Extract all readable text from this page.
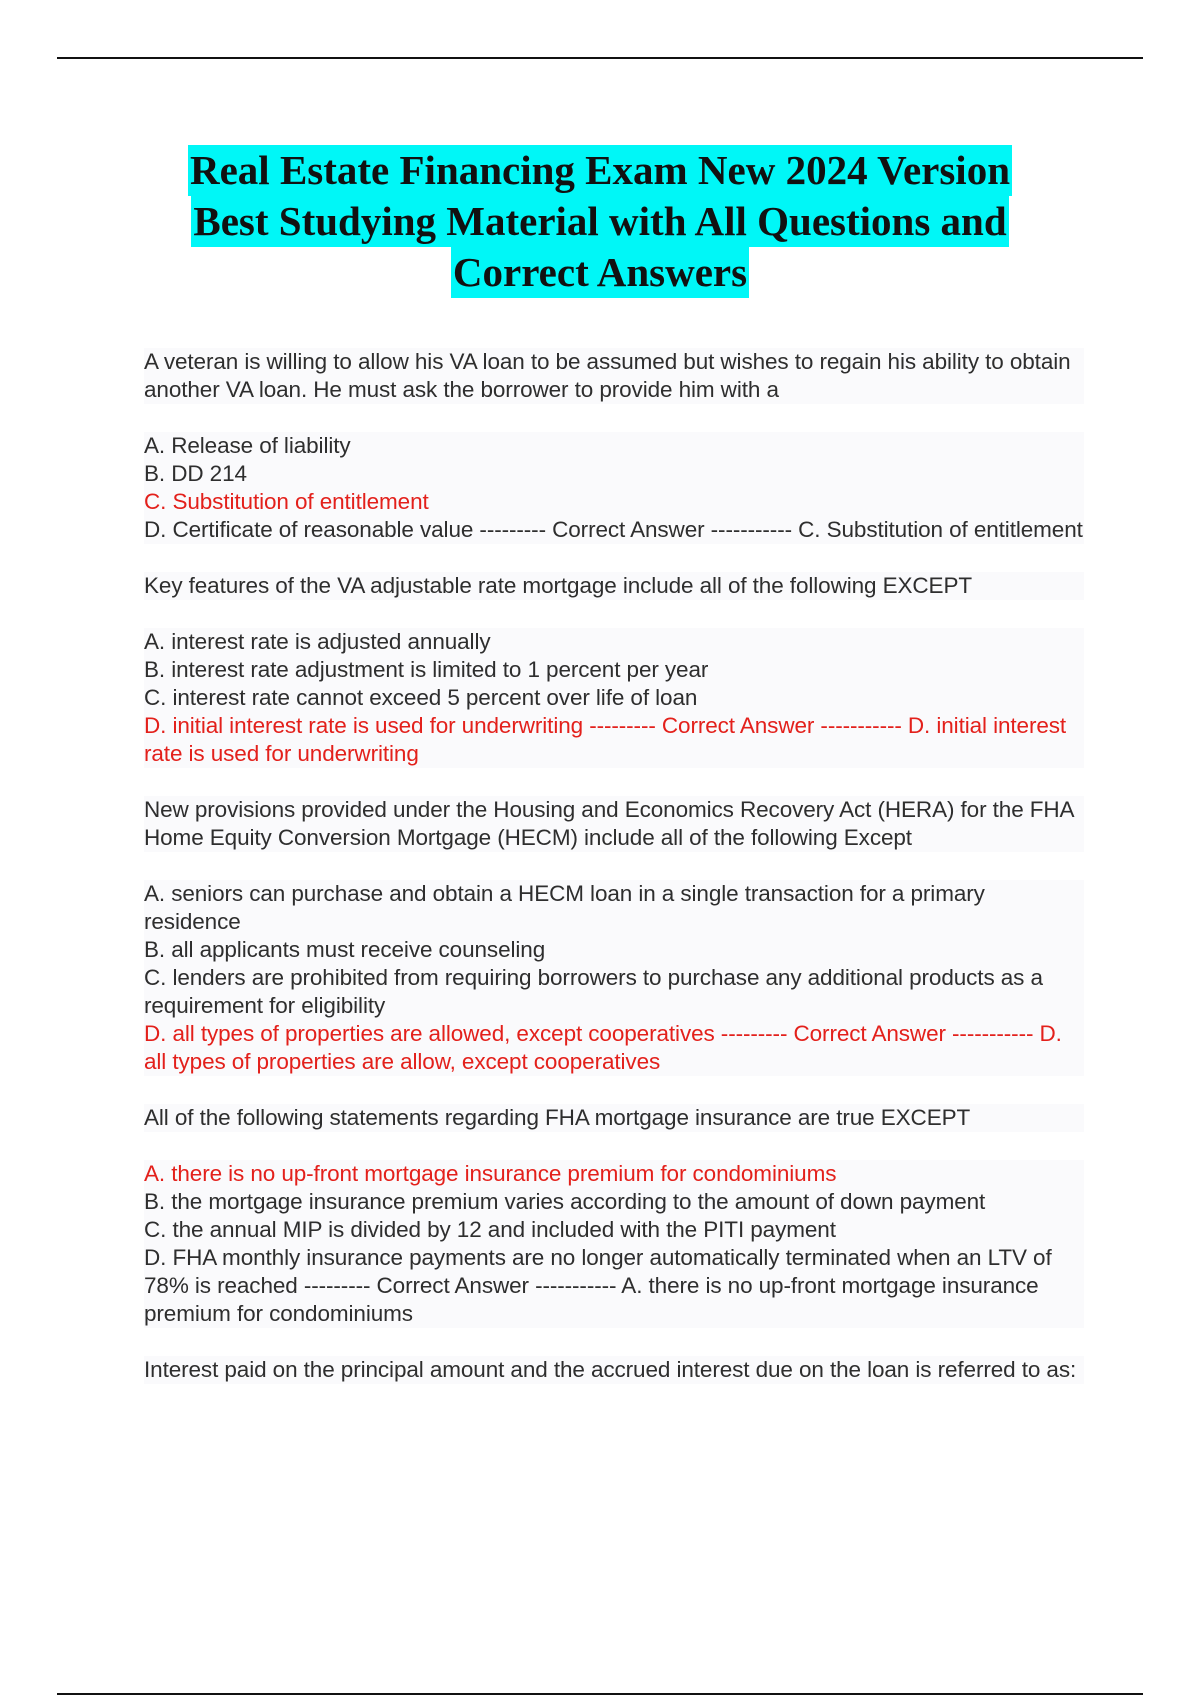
Real Estate Financing Exam New 2024 Version
Best Studying Material with All Questions and
Correct Answers
A veteran is willing to allow his VA loan to be assumed but wishes to regain his ability to obtain another VA loan. He must ask the borrower to provide him with a
A. Release of liability
B. DD 214
C. Substitution of entitlement
D. Certificate of reasonable value --------- Correct Answer ----------- C. Substitution of entitlement
Key features of the VA adjustable rate mortgage include all of the following EXCEPT
A. interest rate is adjusted annually
B. interest rate adjustment is limited to 1 percent per year
C. interest rate cannot exceed 5 percent over life of loan
D. initial interest rate is used for underwriting --------- Correct Answer ----------- D. initial interest rate is used for underwriting
New provisions provided under the Housing and Economics Recovery Act (HERA) for the FHA Home Equity Conversion Mortgage (HECM) include all of the following Except
A. seniors can purchase and obtain a HECM loan in a single transaction for a primary residence
B. all applicants must receive counseling
C. lenders are prohibited from requiring borrowers to purchase any additional products as a requirement for eligibility
D. all types of properties are allowed, except cooperatives --------- Correct Answer ----------- D. all types of properties are allow, except cooperatives
All of the following statements regarding FHA mortgage insurance are true EXCEPT
A. there is no up-front mortgage insurance premium for condominiums
B. the mortgage insurance premium varies according to the amount of down payment
C. the annual MIP is divided by 12 and included with the PITI payment
D. FHA monthly insurance payments are no longer automatically terminated when an LTV of 78% is reached --------- Correct Answer ----------- A. there is no up-front mortgage insurance premium for condominiums
Interest paid on the principal amount and the accrued interest due on the loan is referred to as:
